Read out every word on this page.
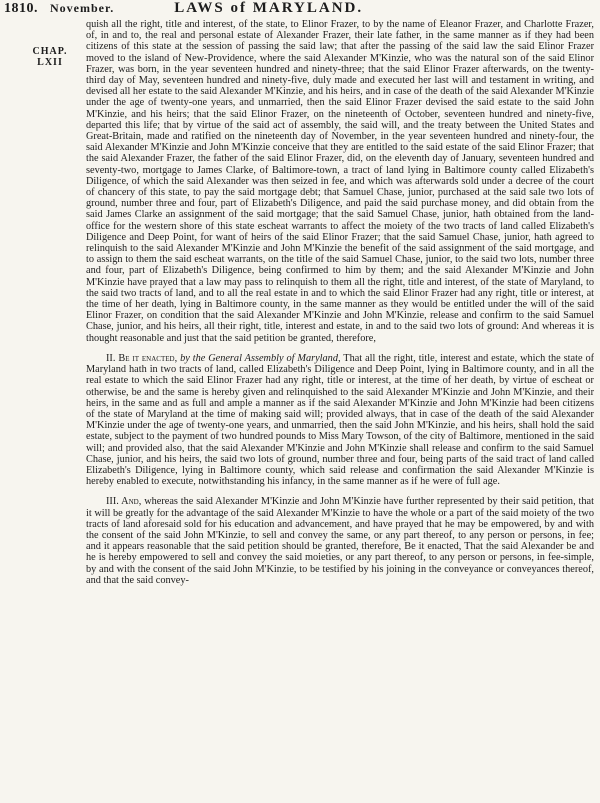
1810. November.	LAWS of MARYLAND.
CHAP.
LXII

quish all the right, title and interest, of the state, to Elinor Frazer, to by the name of Eleanor Frazer, and Charlotte Frazer, of, in and to, the real and personal estate of Alexander Frazer, their late father, in the same manner as if they had been citizens of this state at the session of passing the said law; that after the passing of the said law the said Elinor Frazer moved to the island of New-Providence, where the said Alexander M'Kinzie, who was the natural son of the said Elinor Frazer, was born, in the year seventeen hundred and ninety-three; that the said Elinor Frazer afterwards, on the twenty-third day of May, seventeen hundred and ninety-five, duly made and executed her last will and testament in writing, and devised all her estate to the said Alexander M'Kinzie, and his heirs, and in case of the death of the said Alexander M'Kinzie under the age of twenty-one years, and unmarried, then the said Elinor Frazer devised the said estate to the said John M'Kinzie, and his heirs; that the said Elinor Frazer, on the nineteenth of October, seventeen hundred and ninety-five, departed this life; that by virtue of the said act of assembly, the said will, and the treaty between the United States and Great-Britain, made and ratified on the nineteenth day of November, in the year seventeen hundred and ninety-four, the said Alexander M'Kinzie and John M'Kinzie conceive that they are entitled to the said estate of the said Elinor Frazer; that the said Alexander Frazer, the father of the said Elinor Frazer, did, on the eleventh day of January, seventeen hundred and seventy-two, mortgage to James Clarke, of Baltimore-town, a tract of land lying in Baltimore county called Elizabeth's Diligence, of which the said Alexander was then seized in fee, and which was afterwards sold under a decree of the court of chancery of this state, to pay the said mortgage debt; that Samuel Chase, junior, purchased at the said sale two lots of ground, number three and four, part of Elizabeth's Diligence, and paid the said purchase money, and did obtain from the said James Clarke an assignment of the said mortgage; that the said Samuel Chase, junior, hath obtained from the land-office for the western shore of this state escheat warrants to affect the moiety of the two tracts of land called Elizabeth's Diligence and Deep Point, for want of heirs of the said Elinor Frazer; that the said Samuel Chase, junior, hath agreed to relinquish to the said Alexander M'Kinzie and John M'Kinzie the benefit of the said assignment of the said mortgage, and to assign to them the said escheat warrants, on the title of the said Samuel Chase, junior, to the said two lots, number three and four, part of Elizabeth's Diligence, being confirmed to him by them; and the said Alexander M'Kinzie and John M'Kinzie have prayed that a law may pass to relinquish to them all the right, title and interest, of the state of Maryland, to the said two tracts of land, and to all the real estate in and to which the said Elinor Frazer had any right, title or interest, at the time of her death, lying in Baltimore county, in the same manner as they would be entitled under the will of the said Elinor Frazer, on condition that the said Alexander M'Kinzie and John M'Kinzie, release and confirm to the said Samuel Chase, junior, and his heirs, all their right, title, interest and estate, in and to the said two lots of ground: And whereas it is thought reasonable and just that the said petition be granted, therefore,

II. Be it enacted, by the General Assembly of Maryland, That all the right, title, interest and estate, which the state of Maryland hath in two tracts of land, called Elizabeth's Diligence and Deep Point, lying in Baltimore county, and in all the real estate to which the said Elinor Frazer had any right, title or interest, at the time of her death, by virtue of escheat or otherwise, be and the same is hereby given and relinquished to the said Alexander M'Kinzie and John M'Kinzie, and their heirs, in the same and as full and ample a manner as if the said Alexander M'Kinzie and John M'Kinzie had been citizens of the state of Maryland at the time of making said will; provided always, that in case of the death of the said Alexander M'Kinzie under the age of twenty-one years, and unmarried, then the said John M'Kinzie, and his heirs, shall hold the said estate, subject to the payment of two hundred pounds to Miss Mary Towson, of the city of Baltimore, mentioned in the said will; and provided also, that the said Alexander M'Kinzie and John M'Kinzie shall release and confirm to the said Samuel Chase, junior, and his heirs, the said two lots of ground, number three and four, being parts of the said tract of land called Elizabeth's Diligence, lying in Baltimore county, which said release and confirmation the said Alexander M'Kinzie is hereby enabled to execute, notwithstanding his infancy, in the same manner as if he were of full age.

III. And, whereas the said Alexander M'Kinzie and John M'Kinzie have further represented by their said petition, that it will be greatly for the advantage of the said Alexander M'Kinzie to have the whole or a part of the said moiety of the two tracts of land aforesaid sold for his education and advancement, and have prayed that he may be empowered, by and with the consent of the said John M'Kinzie, to sell and convey the same, or any part thereof, to any person or persons, in fee; and it appears reasonable that the said petition should be granted, therefore, Be it enacted, That the said Alexander be and he is hereby empowered to sell and convey the said moieties, or any part thereof, to any person or persons, in fee-simple, by and with the consent of the said John M'Kinzie, to be testified by his joining in the conveyance or conveyances thereof, and that the said convey-
